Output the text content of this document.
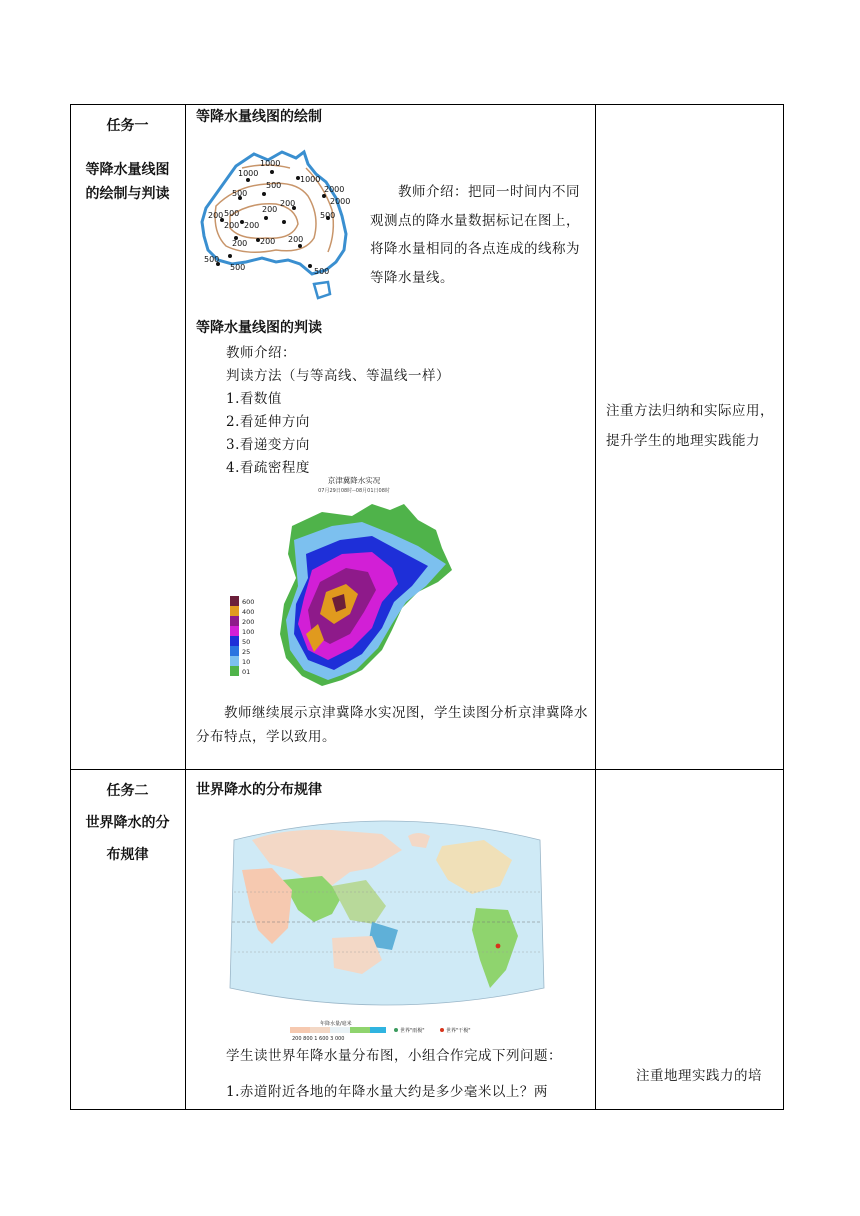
任务一
等降水量线图
的绘制与判读
等降水量线图的绘制
1000
1000
1000
2000
2000
500
500
500
500
200
200
200
200
200
200 200 200
500
500	500
教师介绍：把同一时间内不同观测点的降水量数据标记在图上，将降水量相同的各点连成的线称为等降水量线。
等降水量线图的判读
教师介绍：
判读方法（与等高线、等温线一样）
1.看数值
2.看延伸方向
3.看递变方向
4.看疏密程度
京津冀降水实况
07月29日08时--08月01日08时
600
400
200
100
50
25
10
01
教师继续展示京津冀降水实况图，学生读图分析京津冀降水分布特点，学以致用。
注重方法归纳和实际应用，提升学生的地理实践能力
任务二
世界降水的分
布规律
世界降水的分布规律
年降水量/毫米
200 800 1 600 3 000
世界"雨极"	世界"干极"
学生读世界年降水量分布图，小组合作完成下列问题：
1.赤道附近各地的年降水量大约是多少毫米以上？两
注重地理实践力的培
